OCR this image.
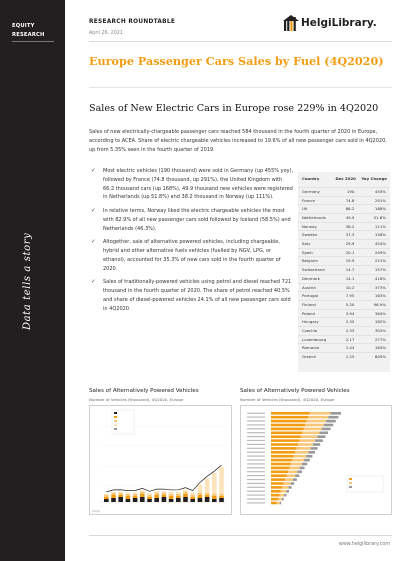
EQUITY
RESEARCH
Data tells a story
RESEARCH ROUNDTABLE
April 26, 2021
HelgiLibrary.
Europe Passenger Cars Sales by Fuel (4Q2020)
Sales of New Electric Cars in Europe rose 229% in 4Q2020
Sales of new electrically-chargeable passenger cars reached 584 thousand in the fourth quarter of 2020 in Europe, according to ACEA. Share of electric chargeable vehicles increased to 19.6% of all new passenger cars sold in 4Q2020, up from 5.35% seen in the fourth quarter of 2019.
✓ Most electric vehicles (190 thousand) were sold in Germany (up 455% yoy), followed by France (74.8 thousand, up 291%), the United Kingdom with 66.2 thousand cars (up 168%), 49.9 thousand new vehicles were registered in Netherlands (up 51.8%) and 38.2 thousand in Norway (up 111%).
✓ In relative terms, Norway liked the electric chargeable vehicles the most with 82.9% of all new passenger cars sold followed by Iceland (58.5%) and Netherlands (46.3%).
✓ Altogether, sale of alternative powered vehicles, including chargeable, hybrid and other alternative fuels vehicles (fuelled by NGV, LPG, or ethanol), accounted for 35.3% of new cars sold in the fourth quarter of 2020.
✓ Sales of traditionally-powered vehicles using petrol and diesel reached 721 thousand in the fourth quarter of 2020. The share of petrol reached 40.5% and share of diesel-powered vehicles 24.1% of all new passenger cars sold in 4Q2020.
Country	Dec 2020	Yoy Change
Germany	190	455%
France	74.8	291%
UK	66.2	168%
Netherlands	49.9	51.8%
Norway	38.2	111%
Sweden	37.3	158%
Italy	29.9	454%
Spain	20.1	209%
Belgium	19.9	221%
Switzerland	14.7	157%
Denmark	14.1	416%
Austria	10.2	373%
Portugal	7.95	163%
Finland	5.20	96.9%
Poland	3.94	364%
Hungary	2.35	182%
Czechia	2.33	303%
Luxembourg	2.17	277%
Romania	1.44	184%
Greece	1.25	805%
Sales of Alternatively Powered Vehicles
Number of Vehicles (thousand), 4Q2020, Europe
Helgi
Sales of Alternatively Powered Vehicles
Number of Vehicles (thousand), 4Q2020, Europe
www.helgilibrary.com
